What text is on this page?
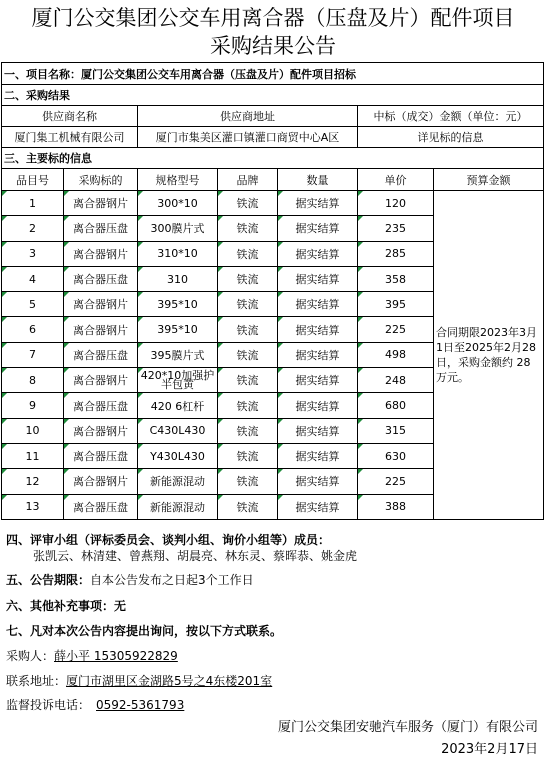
厦门公交集团公交车用离合器（压盘及片）配件项目
采购结果公告
一、项目名称：厦门公交集团公交车用离合器（压盘及片）配件项目招标						
二、采购结果						
供应商名称		供应商地址			中标（成交）金额（单位：元）	
厦门集工机械有限公司		厦门市集美区灌口镇灌口商贸中心A区			详见标的信息	
三、主要标的信息						
品目号	采购标的	规格型号	品牌	数量	单价	预算金额
1	离合器钢片	300*10	铁流	据实结算	120	合同期限2023年3月1日至2025年2月28日，采购金额约 28 万元。
2	离合器压盘	300膜片式	铁流	据实结算	235	
3	离合器钢片	310*10	铁流	据实结算	285	
4	离合器压盘	310	铁流	据实结算	358	
5	离合器钢片	395*10	铁流	据实结算	395	
6	离合器钢片	395*10	铁流	据实结算	225	
7	离合器压盘	395膜片式	铁流	据实结算	498	
8	离合器钢片	420*10加强护半包黄	铁流	据实结算	248	
9	离合器压盘	420 6杠杆	铁流	据实结算	680	
10	离合器钢片	C430L430	铁流	据实结算	315	
11	离合器压盘	Y430L430	铁流	据实结算	630	
12	离合器钢片	新能源混动	铁流	据实结算	225	
13	离合器压盘	新能源混动	铁流	据实结算	388	
四、评审小组（评标委员会、谈判小组、询价小组等）成员：
张凯云、林清建、曾燕翔、胡晨亮、林东灵、蔡晖恭、姚金虎
五、公告期限：自本公告发布之日起3个工作日
六、其他补充事项：无
七、凡对本次公告内容提出询问，按以下方式联系。
采购人：薛小平 15305922829
联系地址：厦门市湖里区金湖路5号之4东楼201室
监督投诉电话： 0592-5361793
厦门公交集团安驰汽车服务（厦门）有限公司
2023年2月17日
